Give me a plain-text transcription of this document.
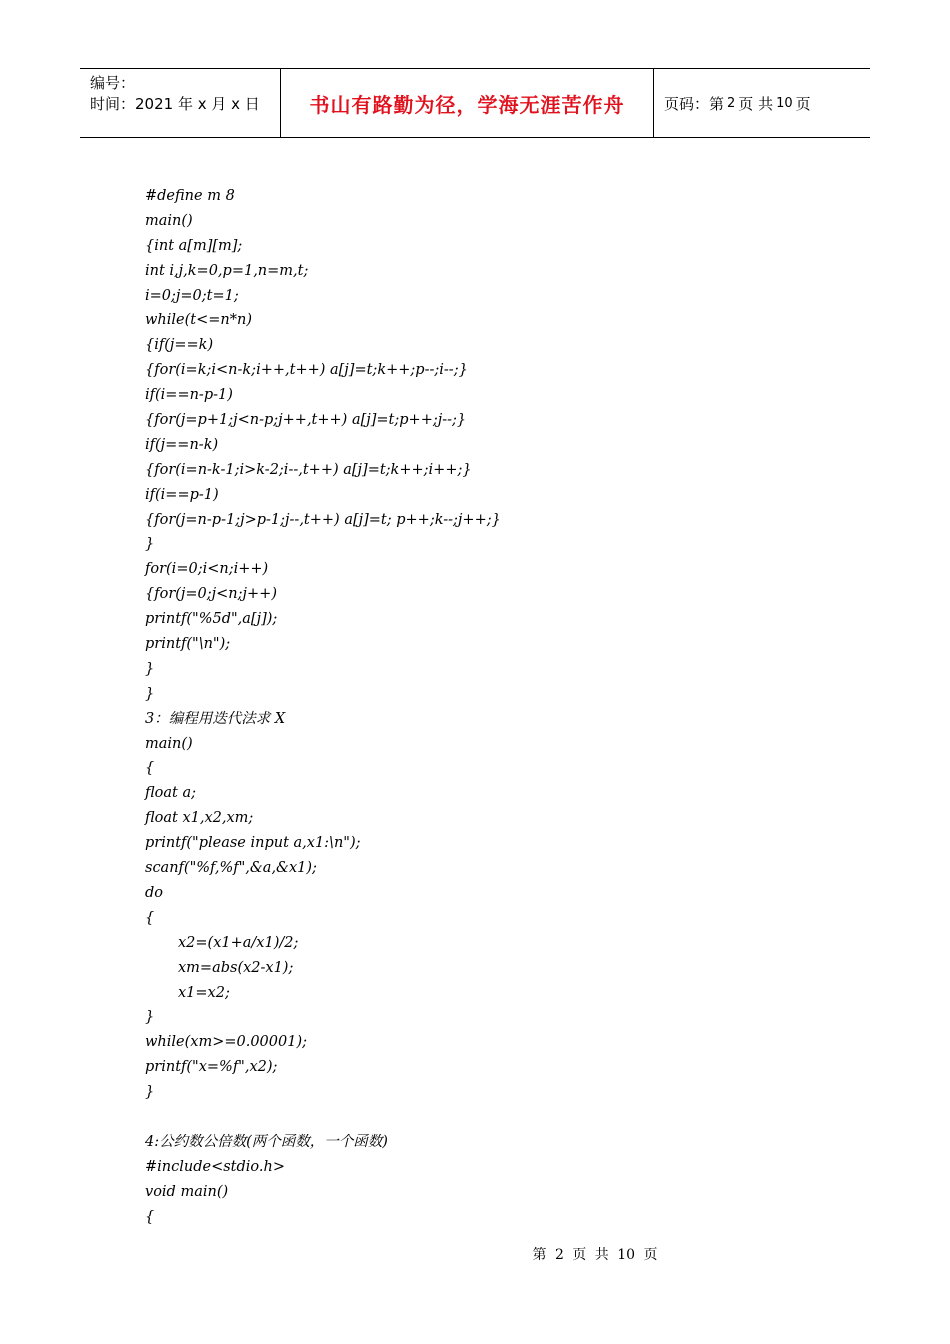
编号：
时间：2021 年 x 月 x 日	书山有路勤为径，学海无涯苦作舟	页码：第 2 页 共 10 页
#define m 8
main()
{int a[m][m];
int i,j,k=0,p=1,n=m,t;
i=0;j=0;t=1;
while(t<=n*n)
{if(j==k)
{for(i=k;i<n-k;i++,t++) a[j]=t;k++;p--;i--;}
if(i==n-p-1)
{for(j=p+1;j<n-p;j++,t++) a[j]=t;p++;j--;}
if(j==n-k)
{for(i=n-k-1;i>k-2;i--,t++) a[j]=t;k++;i++;}
if(i==p-1)
{for(j=n-p-1;j>p-1;j--,t++) a[j]=t; p++;k--;j++;}
}
for(i=0;i<n;i++)
{for(j=0;j<n;j++)
printf("%5d",a[j]);
printf("\n");
}
}
3：编程用迭代法求 X
main()
{
float a;
float x1,x2,xm;
printf("please input a,x1:\n");
scanf("%f,%f",&a,&x1);
do
{
x2=(x1+a/x1)/2;
xm=abs(x2-x1);
x1=x2;
}
while(xm>=0.00001);
printf("x=%f",x2);
}
4:公约数公倍数(两个函数，一个函数)
#include<stdio.h>
void main()
{
第 2 页 共 10 页
